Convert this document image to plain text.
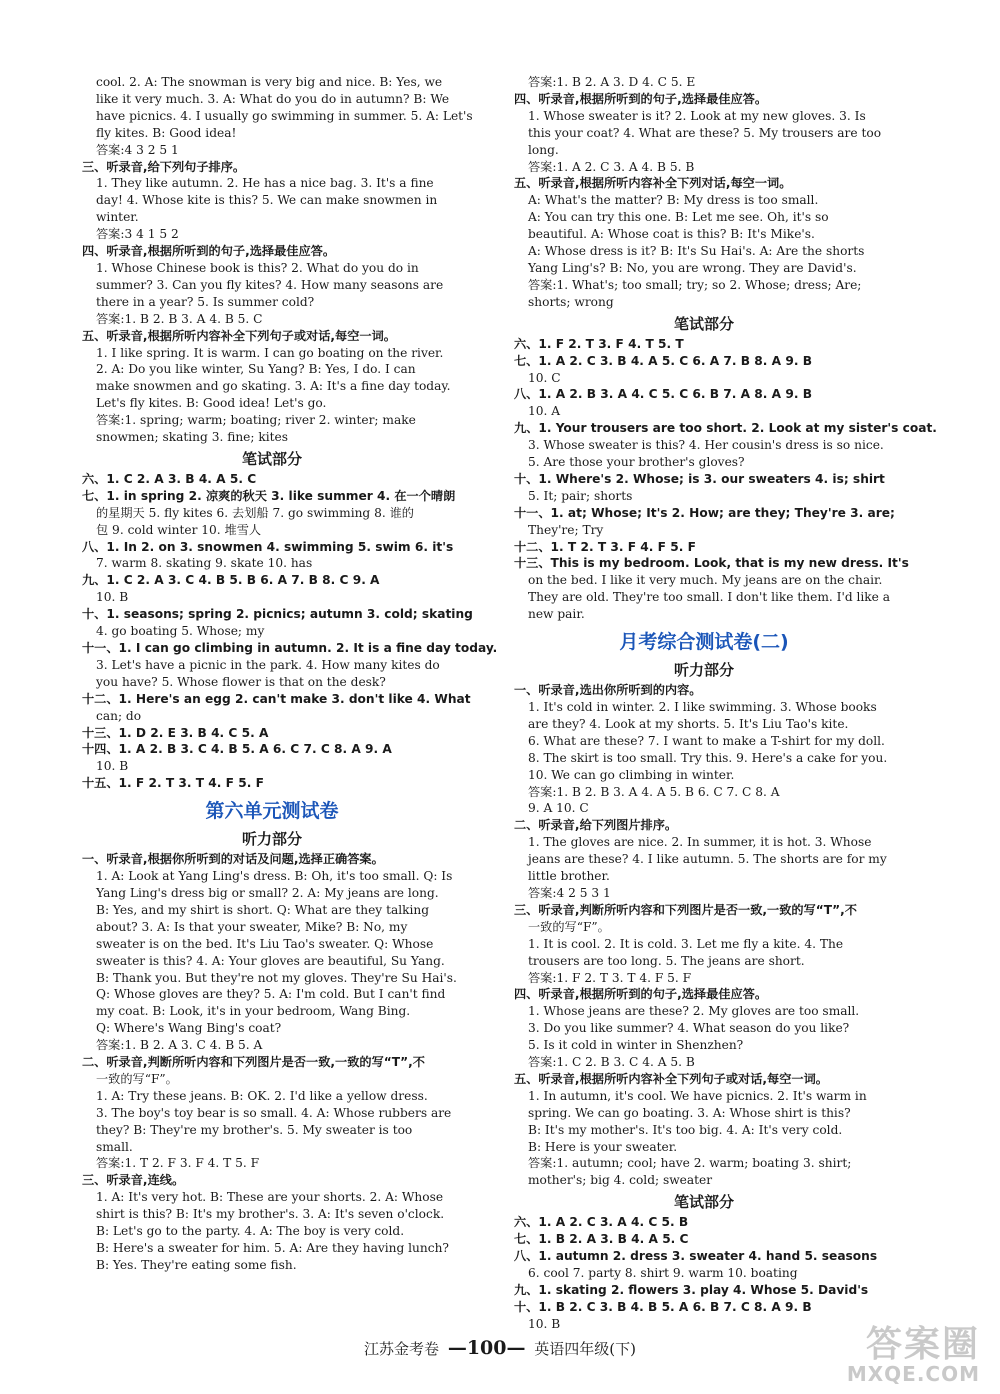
cool. 2. A: The snowman is very big and nice. B: Yes, we
like it very much. 3. A: What do you do in autumn? B: We
have picnics. 4. I usually go swimming in summer. 5. A: Let's
fly kites. B: Good idea!
答案:4 3 2 5 1
三、听录音,给下列句子排序。
1. They like autumn. 2. He has a nice bag. 3. It's a fine
day! 4. Whose kite is this? 5. We can make snowmen in
winter.
答案:3 4 1 5 2
四、听录音,根据所听到的句子,选择最佳应答。
1. Whose Chinese book is this? 2. What do you do in
summer? 3. Can you fly kites? 4. How many seasons are
there in a year? 5. Is summer cold?
答案:1. B 2. B 3. A 4. B 5. C
五、听录音,根据所听内容补全下列句子或对话,每空一词。
1. I like spring. It is warm. I can go boating on the river.
2. A: Do you like winter, Su Yang? B: Yes, I do. I can
make snowmen and go skating. 3. A: It's a fine day today.
Let's fly kites. B: Good idea! Let's go.
答案:1. spring; warm; boating; river 2. winter; make
snowmen; skating 3. fine; kites
笔试部分
六、1. C 2. A 3. B 4. A 5. C
七、1. in spring 2. 凉爽的秋天 3. like summer 4. 在一个晴朗
的星期天 5. fly kites 6. 去划船 7. go swimming 8. 谁的
包 9. cold winter 10. 堆雪人
八、1. In 2. on 3. snowmen 4. swimming 5. swim 6. it's
7. warm 8. skating 9. skate 10. has
九、1. C 2. A 3. C 4. B 5. B 6. A 7. B 8. C 9. A
10. B
十、1. seasons; spring 2. picnics; autumn 3. cold; skating
4. go boating 5. Whose; my
十一、1. I can go climbing in autumn. 2. It is a fine day today.
3. Let's have a picnic in the park. 4. How many kites do
you have? 5. Whose flower is that on the desk?
十二、1. Here's an egg 2. can't make 3. don't like 4. What
can; do
十三、1. D 2. E 3. B 4. C 5. A
十四、1. A 2. B 3. C 4. B 5. A 6. C 7. C 8. A 9. A
10. B
十五、1. F 2. T 3. T 4. F 5. F
第六单元测试卷
听力部分
一、听录音,根据你所听到的对话及问题,选择正确答案。
1. A: Look at Yang Ling's dress. B: Oh, it's too small. Q: Is
Yang Ling's dress big or small? 2. A: My jeans are long.
B: Yes, and my shirt is short. Q: What are they talking
about? 3. A: Is that your sweater, Mike? B: No, my
sweater is on the bed. It's Liu Tao's sweater. Q: Whose
sweater is this? 4. A: Your gloves are beautiful, Su Yang.
B: Thank you. But they're not my gloves. They're Su Hai's.
Q: Whose gloves are they? 5. A: I'm cold. But I can't find
my coat. B: Look, it's in your bedroom, Wang Bing.
Q: Where's Wang Bing's coat?
答案:1. B 2. A 3. C 4. B 5. A
二、听录音,判断所听内容和下列图片是否一致,一致的写“T”,不
一致的写“F”。
1. A: Try these jeans. B: OK. 2. I'd like a yellow dress.
3. The boy's toy bear is so small. 4. A: Whose rubbers are
they? B: They're my brother's. 5. My sweater is too
small.
答案:1. T 2. F 3. F 4. T 5. F
三、听录音,连线。
1. A: It's very hot. B: These are your shorts. 2. A: Whose
shirt is this? B: It's my brother's. 3. A: It's seven o'clock.
B: Let's go to the party. 4. A: The boy is very cold.
B: Here's a sweater for him. 5. A: Are they having lunch?
B: Yes. They're eating some fish.
答案:1. B 2. A 3. D 4. C 5. E
四、听录音,根据所听到的句子,选择最佳应答。
1. Whose sweater is it? 2. Look at my new gloves. 3. Is
this your coat? 4. What are these? 5. My trousers are too
long.
答案:1. A 2. C 3. A 4. B 5. B
五、听录音,根据所听内容补全下列对话,每空一词。
A: What's the matter? B: My dress is too small.
A: You can try this one. B: Let me see. Oh, it's so
beautiful. A: Whose coat is this? B: It's Mike's.
A: Whose dress is it? B: It's Su Hai's. A: Are the shorts
Yang Ling's? B: No, you are wrong. They are David's.
答案:1. What's; too small; try; so 2. Whose; dress; Are;
shorts; wrong
笔试部分
六、1. F 2. T 3. F 4. T 5. T
七、1. A 2. C 3. B 4. A 5. C 6. A 7. B 8. A 9. B
10. C
八、1. A 2. B 3. A 4. C 5. C 6. B 7. A 8. A 9. B
10. A
九、1. Your trousers are too short. 2. Look at my sister's coat.
3. Whose sweater is this? 4. Her cousin's dress is so nice.
5. Are those your brother's gloves?
十、1. Where's 2. Whose; is 3. our sweaters 4. is; shirt
5. It; pair; shorts
十一、1. at; Whose; It's 2. How; are they; They're 3. are;
They're; Try
十二、1. T 2. T 3. F 4. F 5. F
十三、This is my bedroom. Look, that is my new dress. It's
on the bed. I like it very much. My jeans are on the chair.
They are old. They're too small. I don't like them. I'd like a
new pair.
月考综合测试卷(二)
听力部分
一、听录音,选出你所听到的内容。
1. It's cold in winter. 2. I like swimming. 3. Whose books
are they? 4. Look at my shorts. 5. It's Liu Tao's kite.
6. What are these? 7. I want to make a T-shirt for my doll.
8. The skirt is too small. Try this. 9. Here's a cake for you.
10. We can go climbing in winter.
答案:1. B 2. B 3. A 4. A 5. B 6. C 7. C 8. A
9. A 10. C
二、听录音,给下列图片排序。
1. The gloves are nice. 2. In summer, it is hot. 3. Whose
jeans are these? 4. I like autumn. 5. The shorts are for my
little brother.
答案:4 2 5 3 1
三、听录音,判断所听内容和下列图片是否一致,一致的写“T”,不
一致的写“F”。
1. It is cool. 2. It is cold. 3. Let me fly a kite. 4. The
trousers are too long. 5. The jeans are short.
答案:1. F 2. T 3. T 4. F 5. F
四、听录音,根据所听到的句子,选择最佳应答。
1. Whose jeans are these? 2. My gloves are too small.
3. Do you like summer? 4. What season do you like?
5. Is it cold in winter in Shenzhen?
答案:1. C 2. B 3. C 4. A 5. B
五、听录音,根据所听内容补全下列句子或对话,每空一词。
1. In autumn, it's cool. We have picnics. 2. It's warm in
spring. We can go boating. 3. A: Whose shirt is this?
B: It's my mother's. It's too big. 4. A: It's very cold.
B: Here is your sweater.
答案:1. autumn; cool; have 2. warm; boating 3. shirt;
mother's; big 4. cold; sweater
笔试部分
六、1. A 2. C 3. A 4. C 5. B
七、1. B 2. A 3. B 4. A 5. C
八、1. autumn 2. dress 3. sweater 4. hand 5. seasons
6. cool 7. party 8. shirt 9. warm 10. boating
九、1. skating 2. flowers 3. play 4. Whose 5. David's
十、1. B 2. C 3. B 4. B 5. A 6. B 7. C 8. A 9. B
10. B
江苏金考卷 —100— 英语四年级(下)	答案圈
MXQE.COM
